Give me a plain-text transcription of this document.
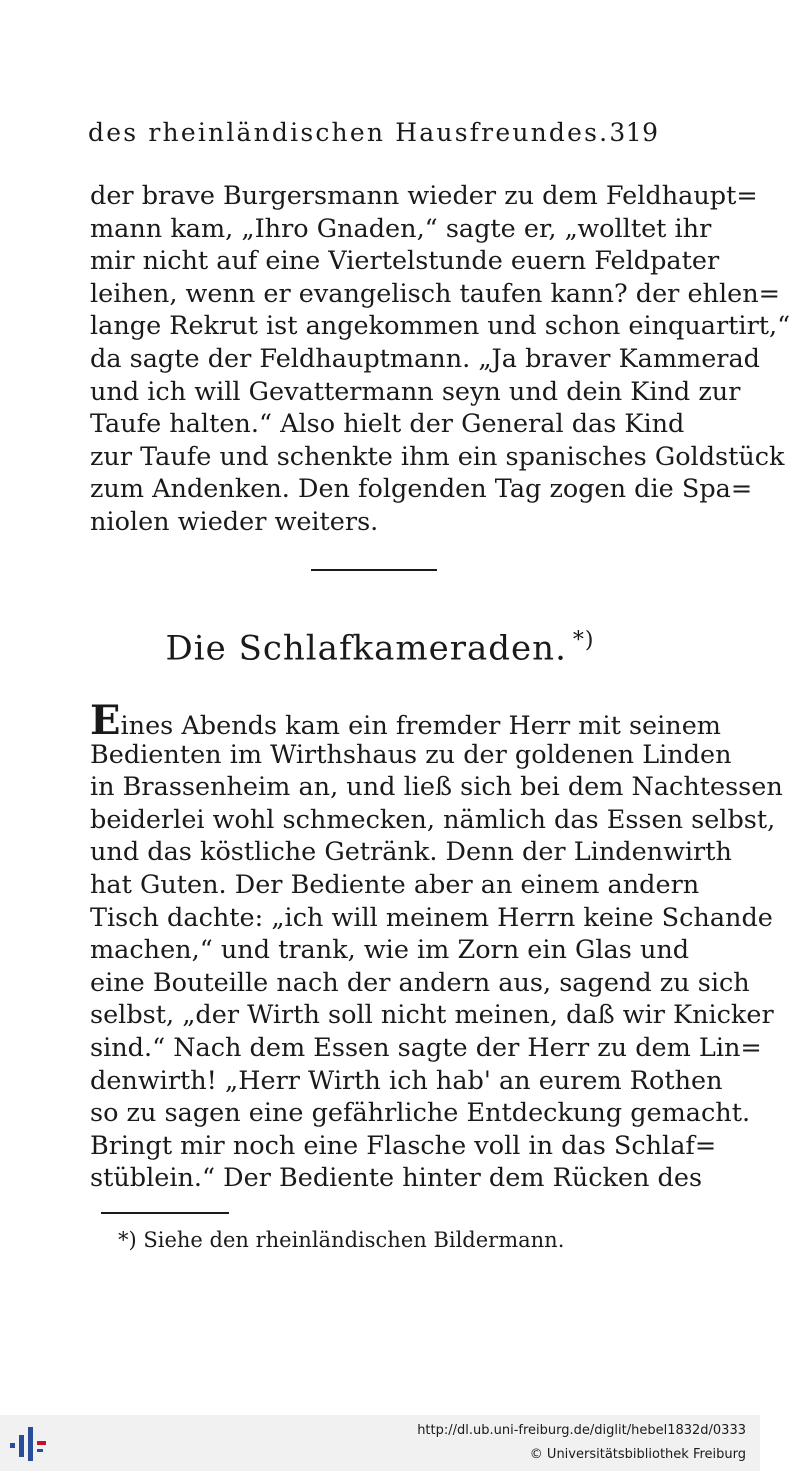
des rheinländischen Hausfreundes. 319
der brave Burgersmann wieder zu dem Feldhaupt=
mann kam, „Ihro Gnaden,“ sagte er, „wolltet ihr
mir nicht auf eine Viertelstunde euern Feldpater
leihen, wenn er evangelisch taufen kann? der ehlen=
lange Rekrut ist angekommen und schon einquartirt,“
da sagte der Feldhauptmann. „Ja braver Kammerad
und ich will Gevattermann seyn und dein Kind zur
Taufe halten.“ Also hielt der General das Kind
zur Taufe und schenkte ihm ein spanisches Goldstück
zum Andenken. Den folgenden Tag zogen die Spa=
niolen wieder weiters.
Die Schlafkameraden. *)
Eines Abends kam ein fremder Herr mit seinem
Bedienten im Wirthshaus zu der goldenen Linden
in Brassenheim an, und ließ sich bei dem Nachtessen
beiderlei wohl schmecken, nämlich das Essen selbst,
und das köstliche Getränk. Denn der Lindenwirth
hat Guten. Der Bediente aber an einem andern
Tisch dachte: „ich will meinem Herrn keine Schande
machen,“ und trank, wie im Zorn ein Glas und
eine Bouteille nach der andern aus, sagend zu sich
selbst, „der Wirth soll nicht meinen, daß wir Knicker
sind.“ Nach dem Essen sagte der Herr zu dem Lin=
denwirth! „Herr Wirth ich hab' an eurem Rothen
so zu sagen eine gefährliche Entdeckung gemacht.
Bringt mir noch eine Flasche voll in das Schlaf=
stüblein.“ Der Bediente hinter dem Rücken des
*) Siehe den rheinländischen Bildermann.
http://dl.ub.uni-freiburg.de/diglit/hebel1832d/0333
© Universitätsbibliothek Freiburg
